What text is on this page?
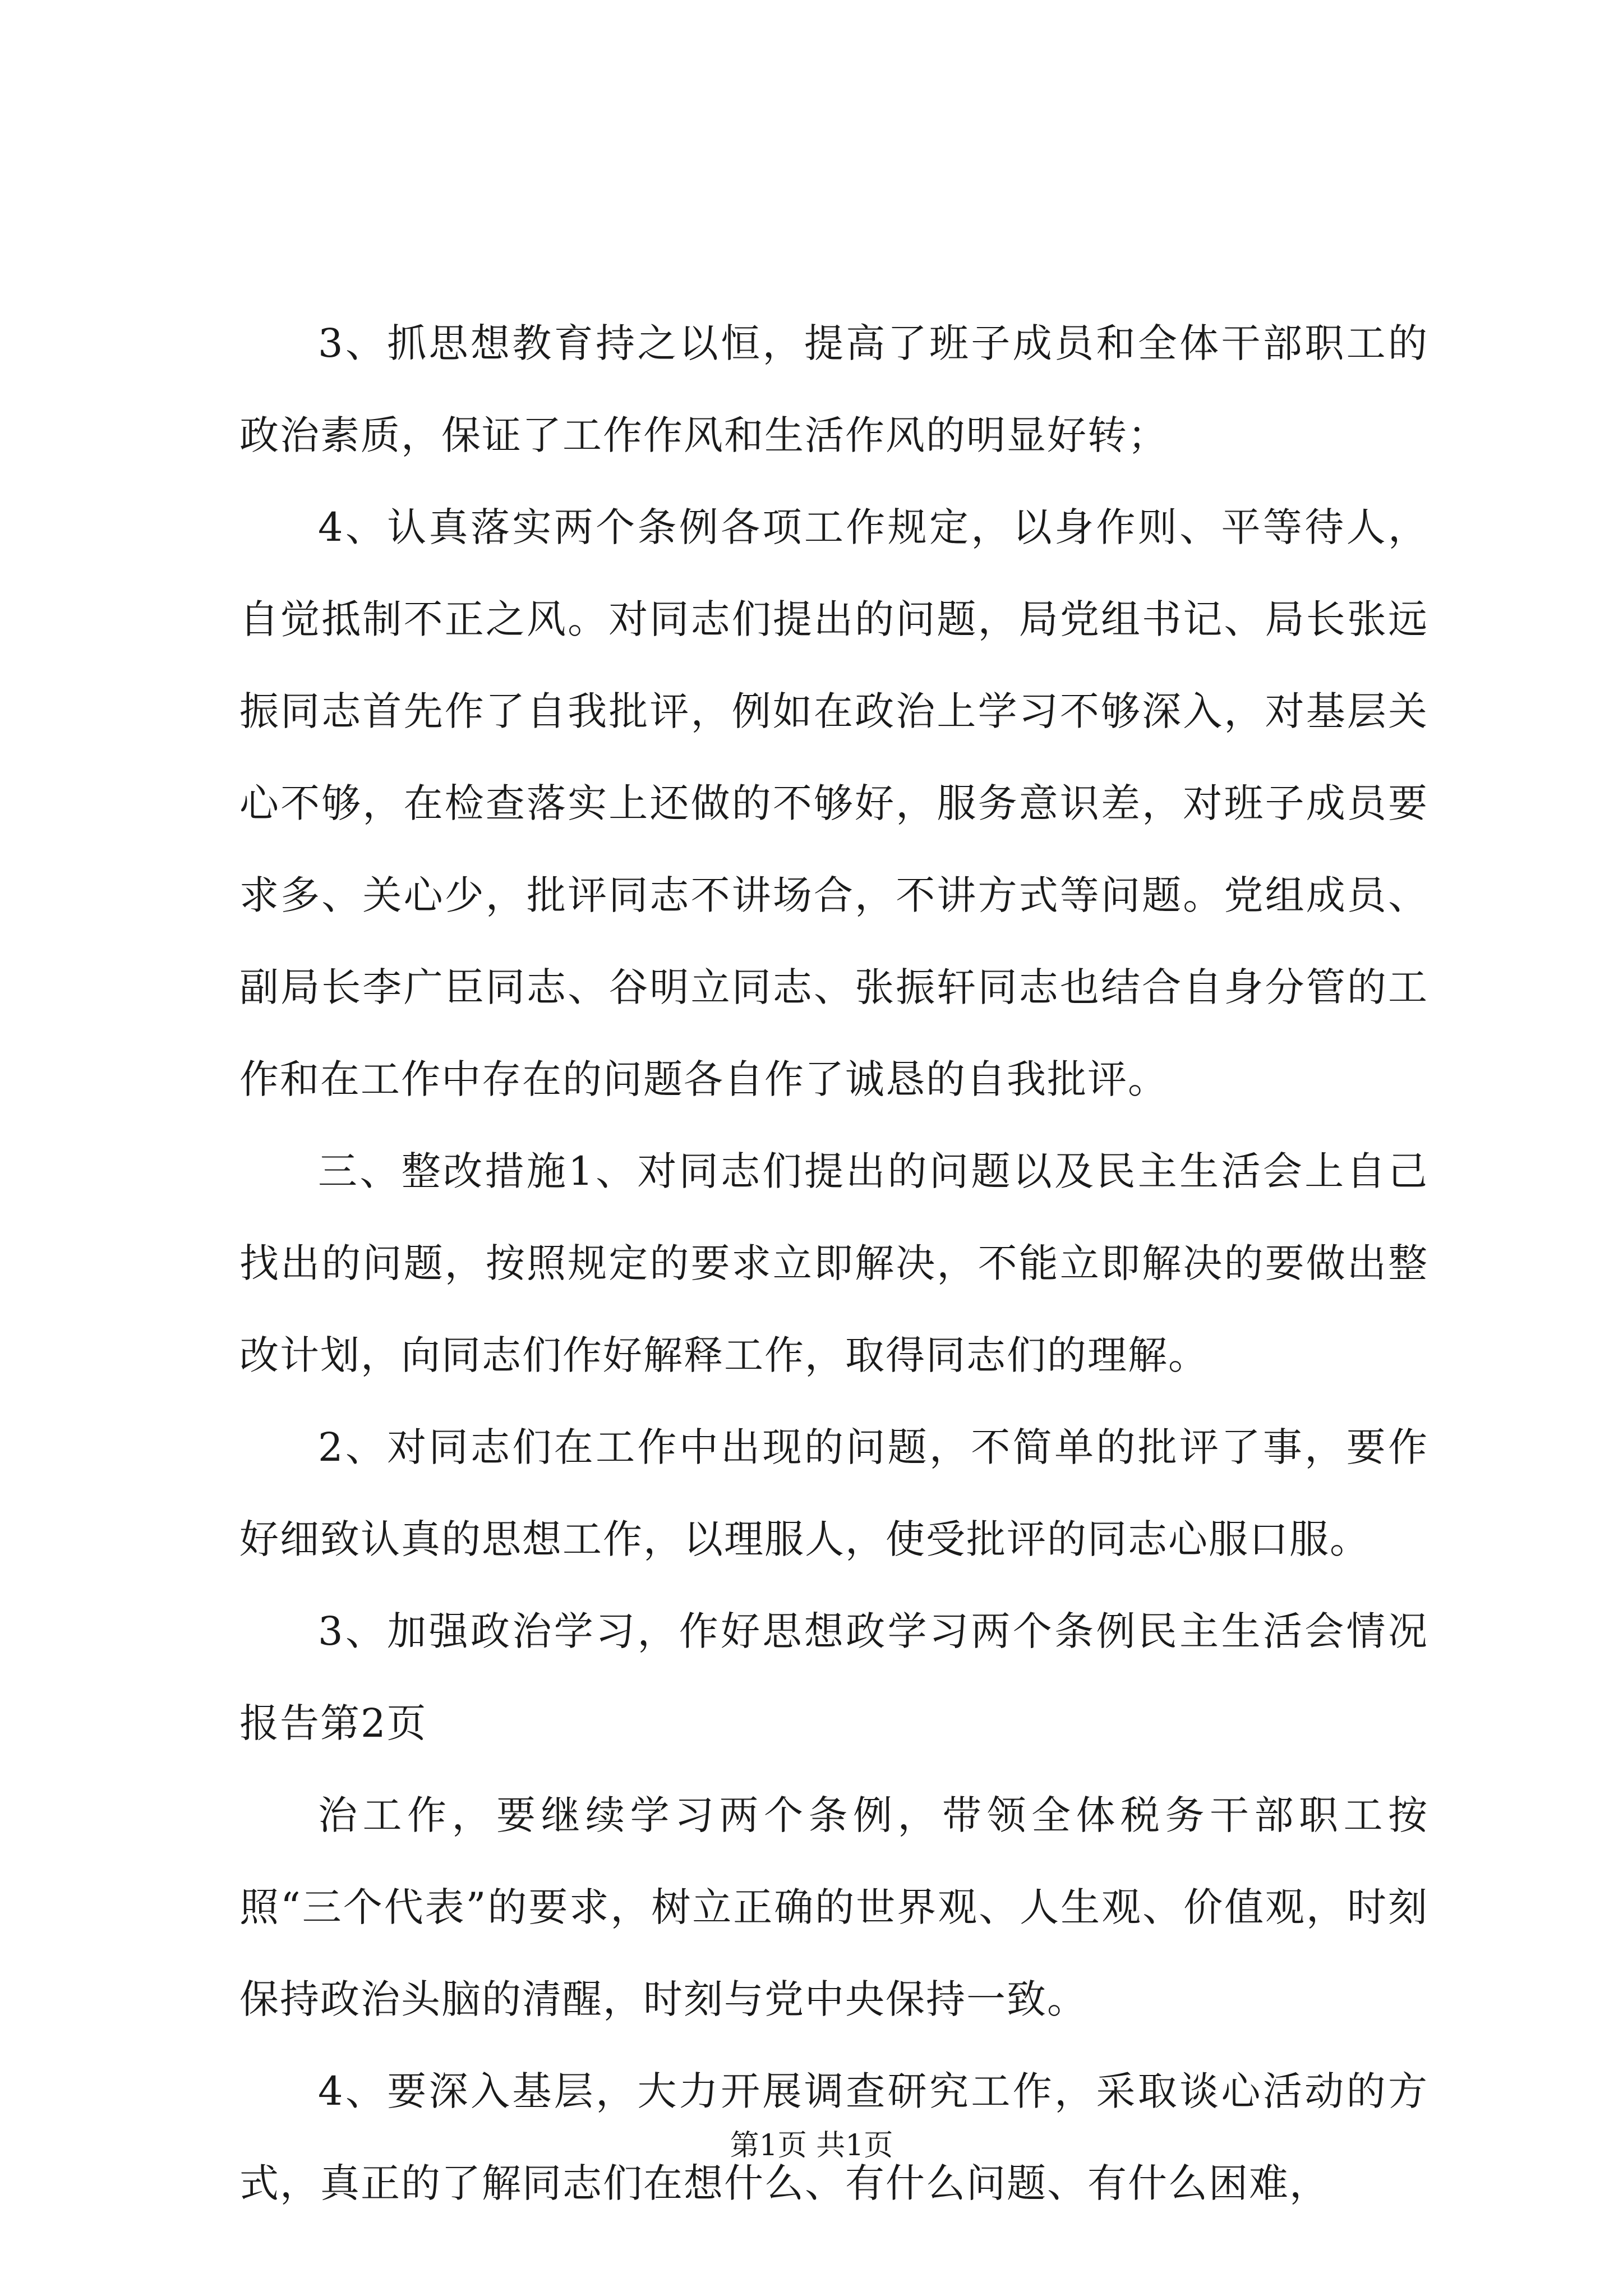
3、抓思想教育持之以恒，提高了班子成员和全体干部职工的政治素质，保证了工作作风和生活作风的明显好转；

4、认真落实两个条例各项工作规定，以身作则、平等待人，自觉抵制不正之风。对同志们提出的问题，局党组书记、局长张远振同志首先作了自我批评，例如在政治上学习不够深入，对基层关心不够，在检查落实上还做的不够好，服务意识差，对班子成员要求多、关心少，批评同志不讲场合，不讲方式等问题。党组成员、副局长李广臣同志、谷明立同志、张振轩同志也结合自身分管的工作和在工作中存在的问题各自作了诚恳的自我批评。

三、整改措施1、对同志们提出的问题以及民主生活会上自己找出的问题，按照规定的要求立即解决，不能立即解决的要做出整改计划，向同志们作好解释工作，取得同志们的理解。

2、对同志们在工作中出现的问题，不简单的批评了事，要作好细致认真的思想工作，以理服人，使受批评的同志心服口服。

3、加强政治学习，作好思想政学习两个条例民主生活会情况报告第2页

治工作，要继续学习两个条例，带领全体税务干部职工按照“三个代表”的要求，树立正确的世界观、人生观、价值观，时刻保持政治头脑的清醒，时刻与党中央保持一致。

4、要深入基层，大力开展调查研究工作，采取谈心活动的方式，真正的了解同志们在想什么、有什么问题、有什么困难，

第1页 共1页
